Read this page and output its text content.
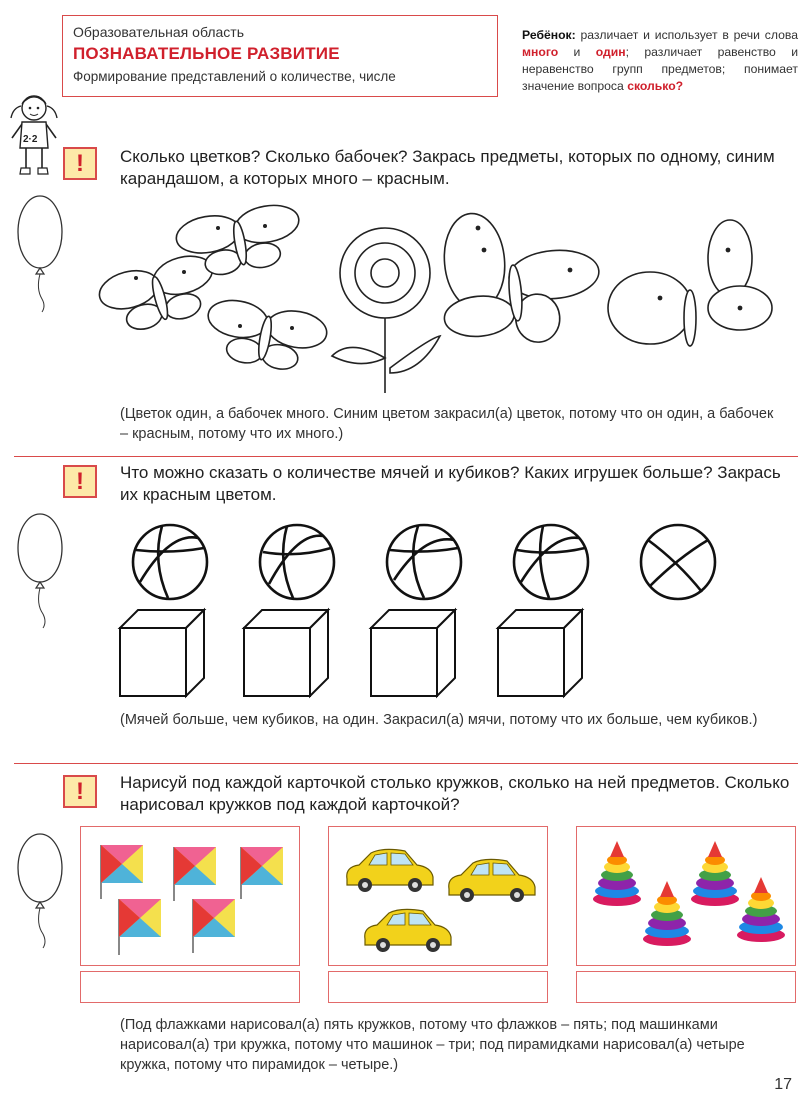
Образовательная область
ПОЗНАВАТЕЛЬНОЕ РАЗВИТИЕ
Формирование представлений о количестве, числе
Ребёнок: различает и использует в речи слова много и один; различает равенство и неравенство групп предметов; понимает значение вопроса сколько?
2·2
!	Сколько цветков? Сколько бабочек? Закрась предметы, которых по одному, синим карандашом, а которых много – красным.
(Цветок один, а бабочек много. Синим цветом закрасил(а) цветок, потому что он один, а бабочек – красным, потому что их много.)
!	Что можно сказать о количестве мячей и кубиков? Каких игрушек больше? Закрась их красным цветом.
(Мячей больше, чем кубиков, на один. Закрасил(а) мячи, потому что их больше, чем кубиков.)
!	Нарисуй под каждой карточкой столько кружков, сколько на ней предметов. Сколько нарисовал кружков под каждой карточкой?
(Под флажками нарисовал(а) пять кружков, потому что флажков – пять; под машинками нарисовал(а) три кружка, потому что машинок – три; под пирамидками нарисовал(а) четыре кружка, потому что пирамидок – четыре.)
17
